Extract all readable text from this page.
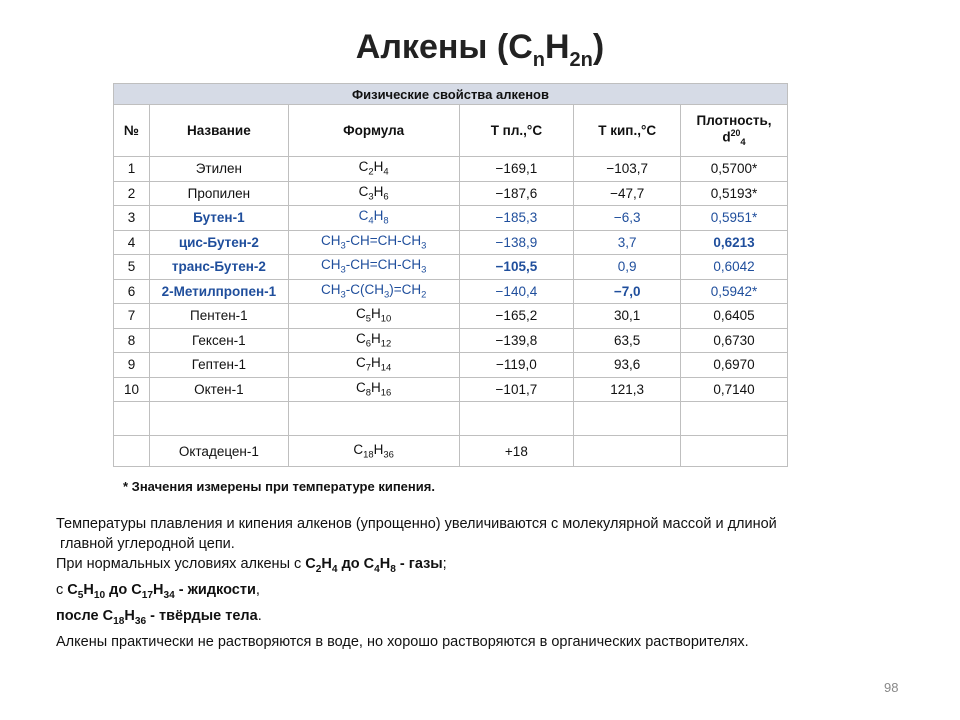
Алкены $(C_nH_{2n})$
Физические свойства алкенов					
№	Название	Формула	Т пл.,°C	Т кип.,°C	Плотность,
$d^{20}_4$
1	Этилен	$C_2H_4$	−169,1	−103,7	0,5700*
2	Пропилен	$C_3H_6$	−187,6	−47,7	0,5193*
3	Бутен-1	$C_4H_8$	−185,3	−6,3	0,5951*
4	цис-Бутен-2	$CH_3-CH=CH-CH_3$	−138,9	3,7	0,6213
5	транс-Бутен-2	$CH_3-CH=CH-CH_3$	−105,5	0,9	0,6042
6	2-Метилпропен-1	$CH_3-C(CH_3)=CH_2$	−140,4	−7,0	0,5942*
7	Пентен-1	$C_5H_{10}$	−165,2	30,1	0,6405
8	Гексен-1	$C_6H_{12}$	−139,8	63,5	0,6730
9	Гептен-1	$C_7H_{14}$	−119,0	93,6	0,6970
10	Октен-1	$C_8H_{16}$	−101,7	121,3	0,7140

	Октадецен-1	$C_{18}H_{36}$	+18		
* Значения измерены при температуре кипения.

Температуры плавления и кипения алкенов (упрощенно) увеличиваются с молекулярной массой и длиной

главной углеродной цепи.

При нормальных условиях алкены с $C_2H_4$ до $C_4H_8$ - газы;

с $C_5H_{10}$ до $C_{17}H_{34}$ - жидкости,

после $C_{18}H_{36}$ - твёрдые тела.

Алкены практически не растворяются в воде, но хорошо растворяются в органических растворителях.

98
